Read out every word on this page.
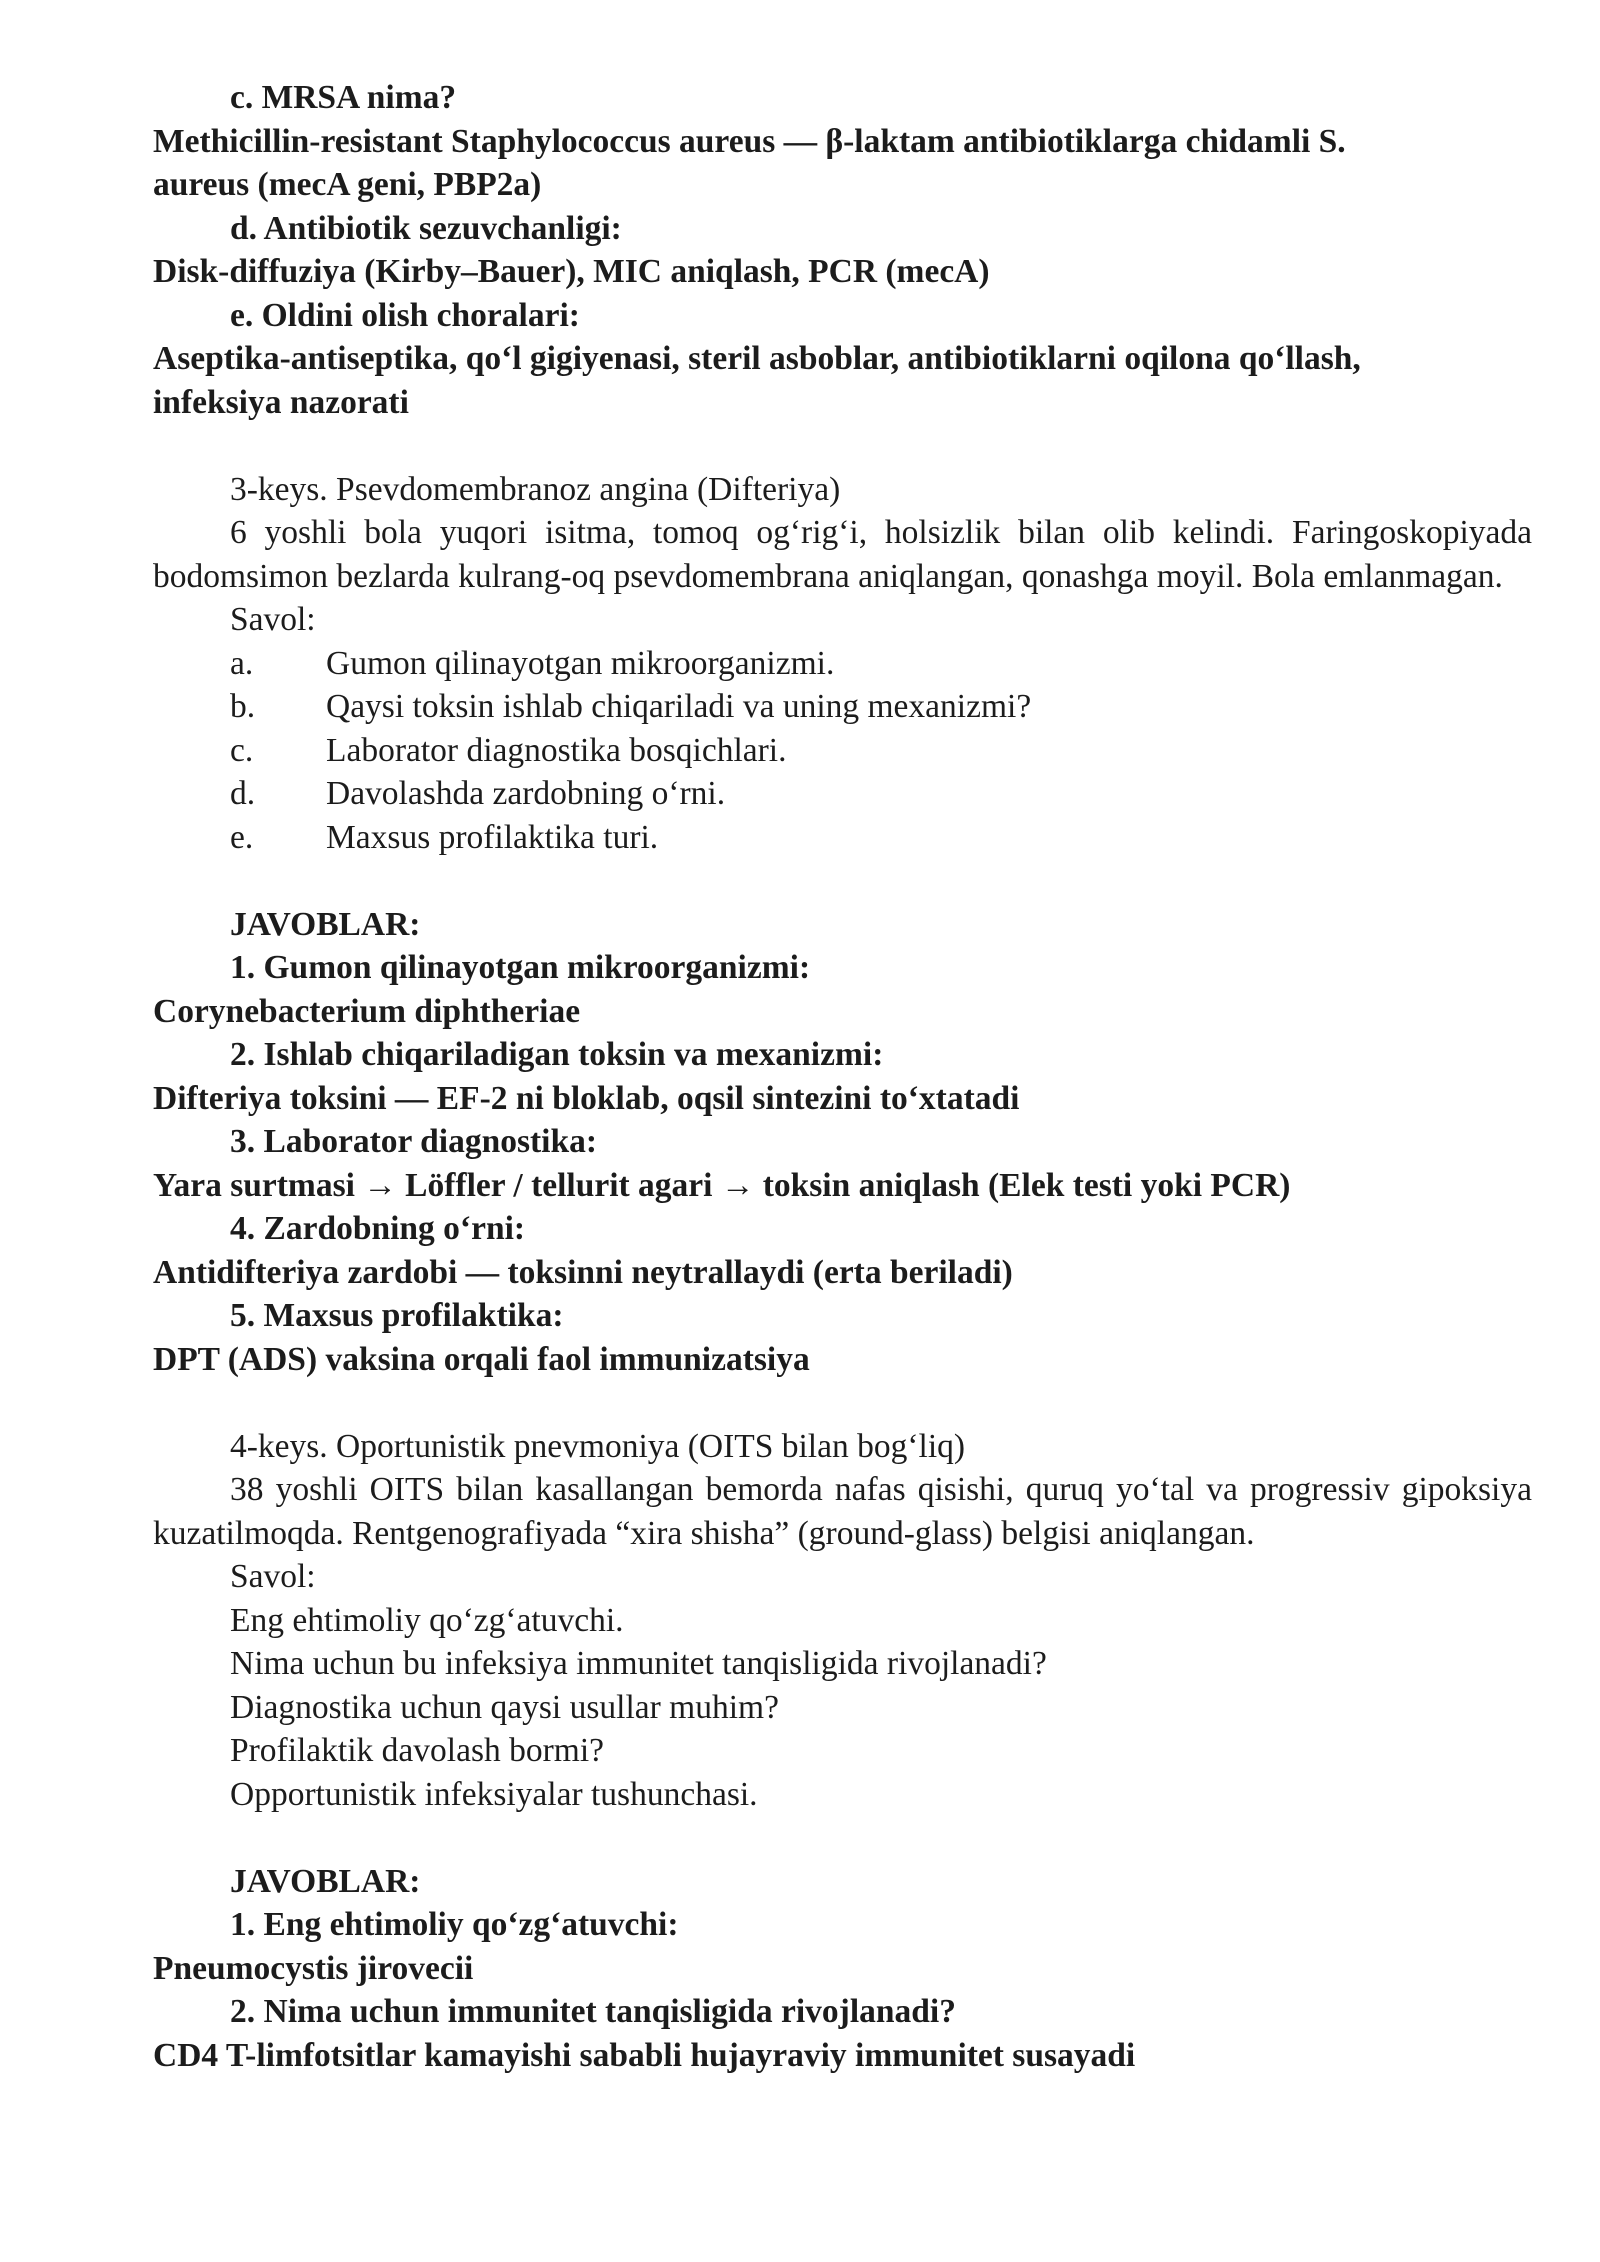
c. MRSA nima?
Methicillin-resistant Staphylococcus aureus — β-laktam antibiotiklarga chidamli S.
aureus (mecA geni, PBP2a)
d. Antibiotik sezuvchanligi:
Disk-diffuziya (Kirby–Bauer), MIC aniqlash, PCR (mecA)
e. Oldini olish choralari:
Aseptika-antiseptika, qo‘l gigiyenasi, steril asboblar, antibiotiklarni oqilona qo‘llash,
infeksiya nazorati
3-keys. Psevdomembranoz angina (Difteriya)
6 yoshli bola yuqori isitma, tomoq og‘rig‘i, holsizlik bilan olib kelindi. Faringoskopiyada bodomsimon bezlarda kulrang-oq psevdomembrana aniqlangan, qonashga moyil. Bola emlanmagan.
Savol:
a. Gumon qilinayotgan mikroorganizmi.
b. Qaysi toksin ishlab chiqariladi va uning mexanizmi?
c. Laborator diagnostika bosqichlari.
d. Davolashda zardobning o‘rni.
e. Maxsus profilaktika turi.
JAVOBLAR:
1. Gumon qilinayotgan mikroorganizmi:
Corynebacterium diphtheriae
2. Ishlab chiqariladigan toksin va mexanizmi:
Difteriya toksini — EF-2 ni bloklab, oqsil sintezini to‘xtatadi
3. Laborator diagnostika:
Yara surtmasi → Löffler / tellurit agari → toksin aniqlash (Elek testi yoki PCR)
4. Zardobning o‘rni:
Antidifteriya zardobi — toksinni neytrallaydi (erta beriladi)
5. Maxsus profilaktika:
DPT (ADS) vaksina orqali faol immunizatsiya
4-keys. Oportunistik pnevmoniya (OITS bilan bog‘liq)
38 yoshli OITS bilan kasallangan bemorda nafas qisishi, quruq yo‘tal va progressiv gipoksiya kuzatilmoqda. Rentgenografiyada “xira shisha” (ground-glass) belgisi aniqlangan.
Savol:
Eng ehtimoliy qo‘zg‘atuvchi.
Nima uchun bu infeksiya immunitet tanqisligida rivojlanadi?
Diagnostika uchun qaysi usullar muhim?
Profilaktik davolash bormi?
Opportunistik infeksiyalar tushunchasi.
JAVOBLAR:
1. Eng ehtimoliy qo‘zg‘atuvchi:
Pneumocystis jirovecii
2. Nima uchun immunitet tanqisligida rivojlanadi?
CD4 T-limfotsitlar kamayishi sababli hujayraviy immunitet susayadi
